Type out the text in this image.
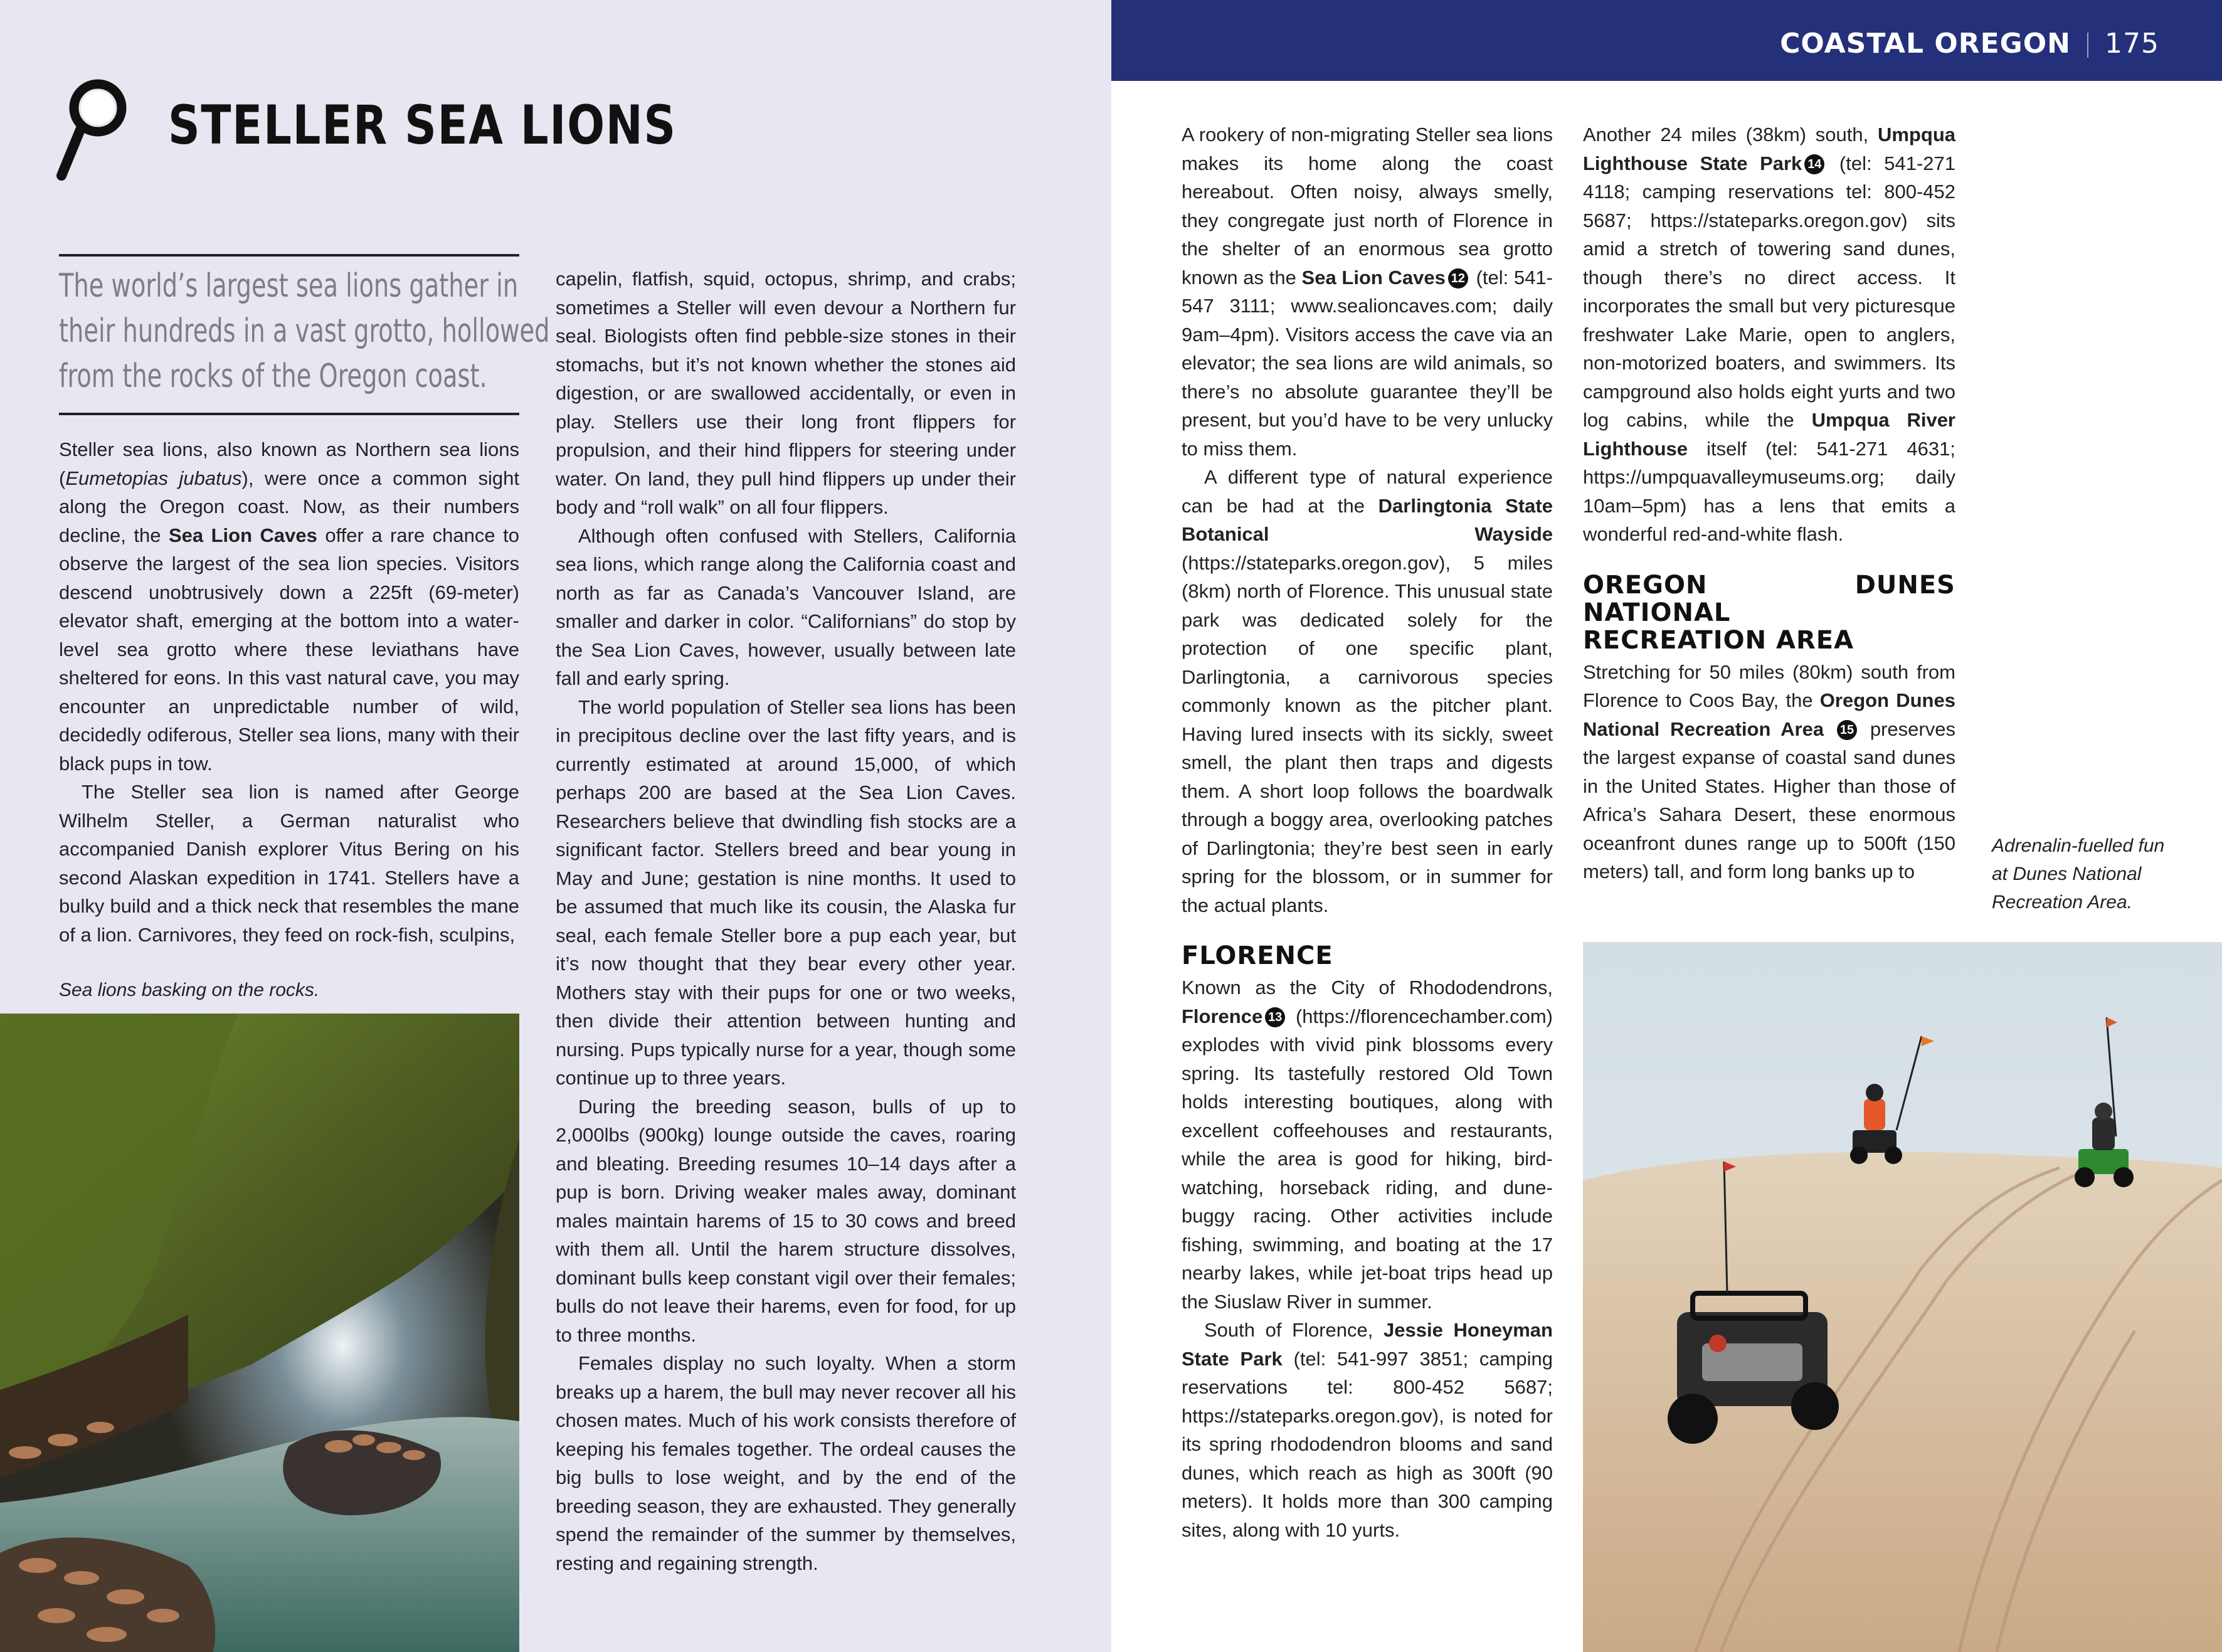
COASTAL OREGON 175
STELLER SEA LIONS
The world’s largest sea lions gather in
their hundreds in a vast grotto, hollowed
from the rocks of the Oregon coast.

Steller sea lions, also known as Northern sea lions (Eumetopias jubatus), were once a common sight along the Oregon coast. Now, as their numbers decline, the Sea Lion Caves offer a rare chance to observe the largest of the sea lion species. Visitors descend unobtrusively down a 225ft (69-meter) elevator shaft, emerging at the bottom into a water-level sea grotto where these leviathans have sheltered for eons. In this vast natural cave, you may encounter an unpredictable number of wild, decidedly odiferous, Steller sea lions, many with their black pups in tow.

The Steller sea lion is named after George Wilhelm Steller, a German naturalist who accompanied Danish explorer Vitus Bering on his second Alaskan expedition in 1741. Stellers have a bulky build and a thick neck that resembles the mane of a lion. Carnivores, they feed on rock-fish, sculpins,

Sea lions basking on the rocks.

capelin, flatfish, squid, octopus, shrimp, and crabs; sometimes a Steller will even devour a Northern fur seal. Biologists often find pebble-size stones in their stomachs, but it’s not known whether the stones aid digestion, or are swallowed accidentally, or even in play. Stellers use their long front flippers for propulsion, and their hind flippers for steering under water. On land, they pull hind flippers up under their body and “roll walk” on all four flippers.

Although often confused with Stellers, California sea lions, which range along the California coast and north as far as Canada’s Vancouver Island, are smaller and darker in color. “Californians” do stop by the Sea Lion Caves, however, usually between late fall and early spring.

The world population of Steller sea lions has been in precipitous decline over the last fifty years, and is currently estimated at around 15,000, of which perhaps 200 are based at the Sea Lion Caves. Researchers believe that dwindling fish stocks are a significant factor. Stellers breed and bear young in May and June; gestation is nine months. It used to be assumed that much like its cousin, the Alaska fur seal, each female Steller bore a pup each year, but it’s now thought that they bear every other year. Mothers stay with their pups for one or two weeks, then divide their attention between hunting and nursing. Pups typically nurse for a year, though some continue up to three years.

During the breeding season, bulls of up to 2,000lbs (900kg) lounge outside the caves, roaring and bleating. Breeding resumes 10–14 days after a pup is born. Driving weaker males away, dominant males maintain harems of 15 to 30 cows and breed with them all. Until the harem structure dissolves, dominant bulls keep constant vigil over their females; bulls do not leave their harems, even for food, for up to three months.

Females display no such loyalty. When a storm breaks up a harem, the bull may never recover all his chosen mates. Much of his work consists therefore of keeping his females together. The ordeal causes the big bulls to lose weight, and by the end of the breeding season, they are exhausted. They generally spend the remainder of the summer by themselves, resting and regaining strength.

A rookery of non-migrating Steller sea lions makes its home along the coast hereabout. Often noisy, always smelly, they congregate just north of Florence in the shelter of an enormous sea grotto known as the Sea Lion Caves 12 (tel: 541-547 3111; www.sealioncaves.com; daily 9am–4pm). Visitors access the cave via an elevator; the sea lions are wild animals, so there’s no absolute guarantee they’ll be present, but you’d have to be very unlucky to miss them.

A different type of natural experience can be had at the Darlingtonia State Botanical Wayside (https://stateparks.oregon.gov), 5 miles (8km) north of Florence. This unusual state park was dedicated solely for the protection of one specific plant, Darlingtonia, a carnivorous species commonly known as the pitcher plant. Having lured insects with its sickly, sweet smell, the plant then traps and digests them. A short loop follows the boardwalk through a boggy area, overlooking patches of Darlingtonia; they’re best seen in early spring for the blossom, or in summer for the actual plants.

FLORENCE

Known as the City of Rhododendrons, Florence 13 (https://florencechamber.com) explodes with vivid pink blossoms every spring. Its tastefully restored Old Town holds interesting boutiques, along with excellent coffeehouses and restaurants, while the area is good for hiking, bird-watching, horseback riding, and dune-buggy racing. Other activities include fishing, swimming, and boating at the 17 nearby lakes, while jet-boat trips head up the Siuslaw River in summer.

South of Florence, Jessie Honeyman State Park (tel: 541-997 3851; camping reservations tel: 800-452 5687; https://stateparks.oregon.gov), is noted for its spring rhododendron blooms and sand dunes, which reach as high as 300ft (90 meters). It holds more than 300 camping sites, along with 10 yurts.

Another 24 miles (38km) south, Umpqua Lighthouse State Park 14 (tel: 541-271 4118; camping reservations tel: 800-452 5687; https://stateparks.oregon.gov) sits amid a stretch of towering sand dunes, though there’s no direct access. It incorporates the small but very picturesque freshwater Lake Marie, open to anglers, non-motorized boaters, and swimmers. Its campground also holds eight yurts and two log cabins, while the Umpqua River Lighthouse itself (tel: 541-271 4631; https://umpquavalleymuseums.org; daily 10am–5pm) has a lens that emits a wonderful red-and-white flash.

OREGON DUNES NATIONAL
RECREATION AREA

Stretching for 50 miles (80km) south from Florence to Coos Bay, the Oregon Dunes National Recreation Area 15 preserves the largest expanse of coastal sand dunes in the United States. Higher than those of Africa’s Sahara Desert, these enormous oceanfront dunes range up to 500ft (150 meters) tall, and form long banks up to

Adrenalin-fuelled fun
at Dunes National
Recreation Area.
